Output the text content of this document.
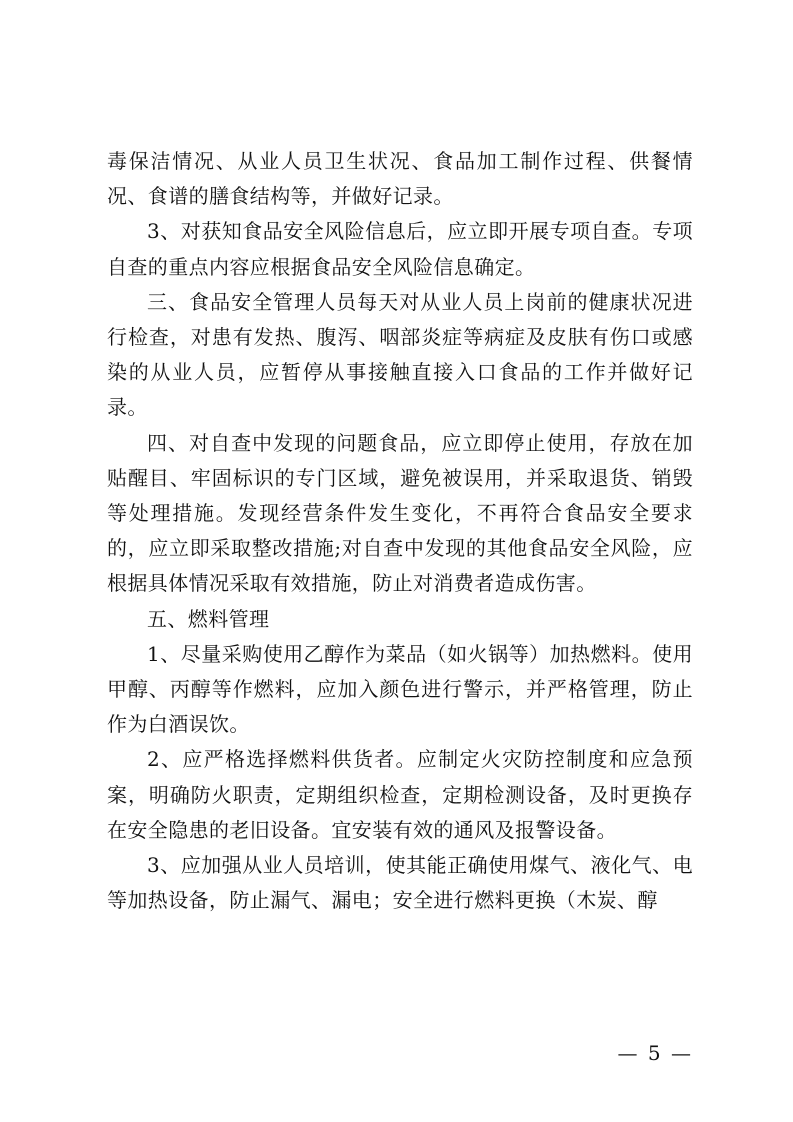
毒保洁情况、从业人员卫生状况、食品加工制作过程、供餐情况、食谱的膳食结构等，并做好记录。

3、对获知食品安全风险信息后，应立即开展专项自查。专项自查的重点内容应根据食品安全风险信息确定。

三、食品安全管理人员每天对从业人员上岗前的健康状况进行检查，对患有发热、腹泻、咽部炎症等病症及皮肤有伤口或感染的从业人员，应暂停从事接触直接入口食品的工作并做好记录。

四、对自查中发现的问题食品，应立即停止使用，存放在加贴醒目、牢固标识的专门区域，避免被误用，并采取退货、销毁等处理措施。发现经营条件发生变化，不再符合食品安全要求的，应立即采取整改措施;对自查中发现的其他食品安全风险，应根据具体情况采取有效措施，防止对消费者造成伤害。

五、燃料管理

1、尽量采购使用乙醇作为菜品（如火锅等）加热燃料。使用甲醇、丙醇等作燃料，应加入颜色进行警示，并严格管理，防止作为白酒误饮。

2、应严格选择燃料供货者。应制定火灾防控制度和应急预案，明确防火职责，定期组织检查，定期检测设备，及时更换存在安全隐患的老旧设备。宜安装有效的通风及报警设备。

3、应加强从业人员培训，使其能正确使用煤气、液化气、电等加热设备，防止漏气、漏电；安全进行燃料更换（木炭、醇

— 5 —
